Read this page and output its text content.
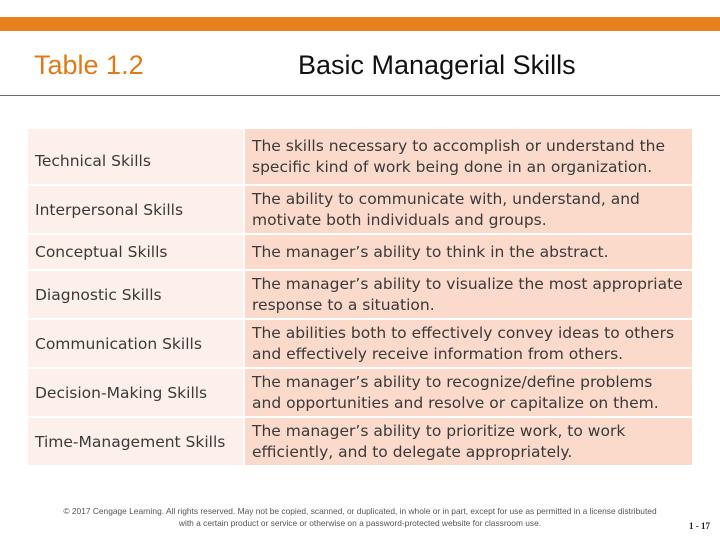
Table 1.2	Basic Managerial Skills
Technical Skills	The skills necessary to accomplish or understand the specific kind of work being done in an organization.
Interpersonal Skills	The ability to communicate with, understand, and motivate both individuals and groups.
Conceptual Skills	The manager’s ability to think in the abstract.
Diagnostic Skills	The manager’s ability to visualize the most appropriate response to a situation.
Communication Skills	The abilities both to effectively convey ideas to others and effectively receive information from others.
Decision-Making Skills	The manager’s ability to recognize/define problems and opportunities and resolve or capitalize on them.
Time-Management Skills	The manager’s ability to prioritize work, to work efficiently, and to delegate appropriately.
© 2017 Cengage Learning. All rights reserved. May not be copied, scanned, or duplicated, in whole or in part, except for use as permitted in a license distributed with a certain product or service or otherwise on a password-protected website for classroom use.	1 - 17
